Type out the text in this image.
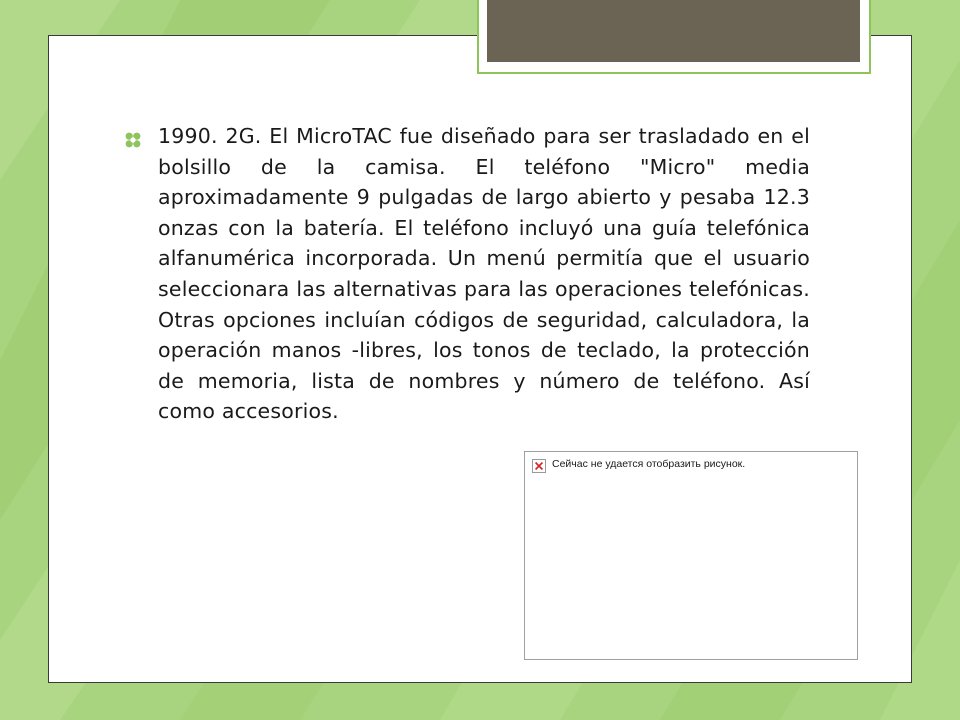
1990. 2G. El MicroTAC fue diseñado para ser trasladado en el bolsillo de la camisa. El teléfono "Micro" media aproximadamente 9 pulgadas de largo abierto y pesaba 12.3 onzas con la batería. El teléfono incluyó una guía telefónica alfanumérica incorporada. Un menú permitía que el usuario seleccionara las alternativas para las operaciones telefónicas. Otras opciones incluían códigos de seguridad, calculadora, la operación manos -libres, los tonos de teclado, la protección de memoria, lista de nombres y número de teléfono. Así como accesorios.

Сейчас не удается отобразить рисунок.
